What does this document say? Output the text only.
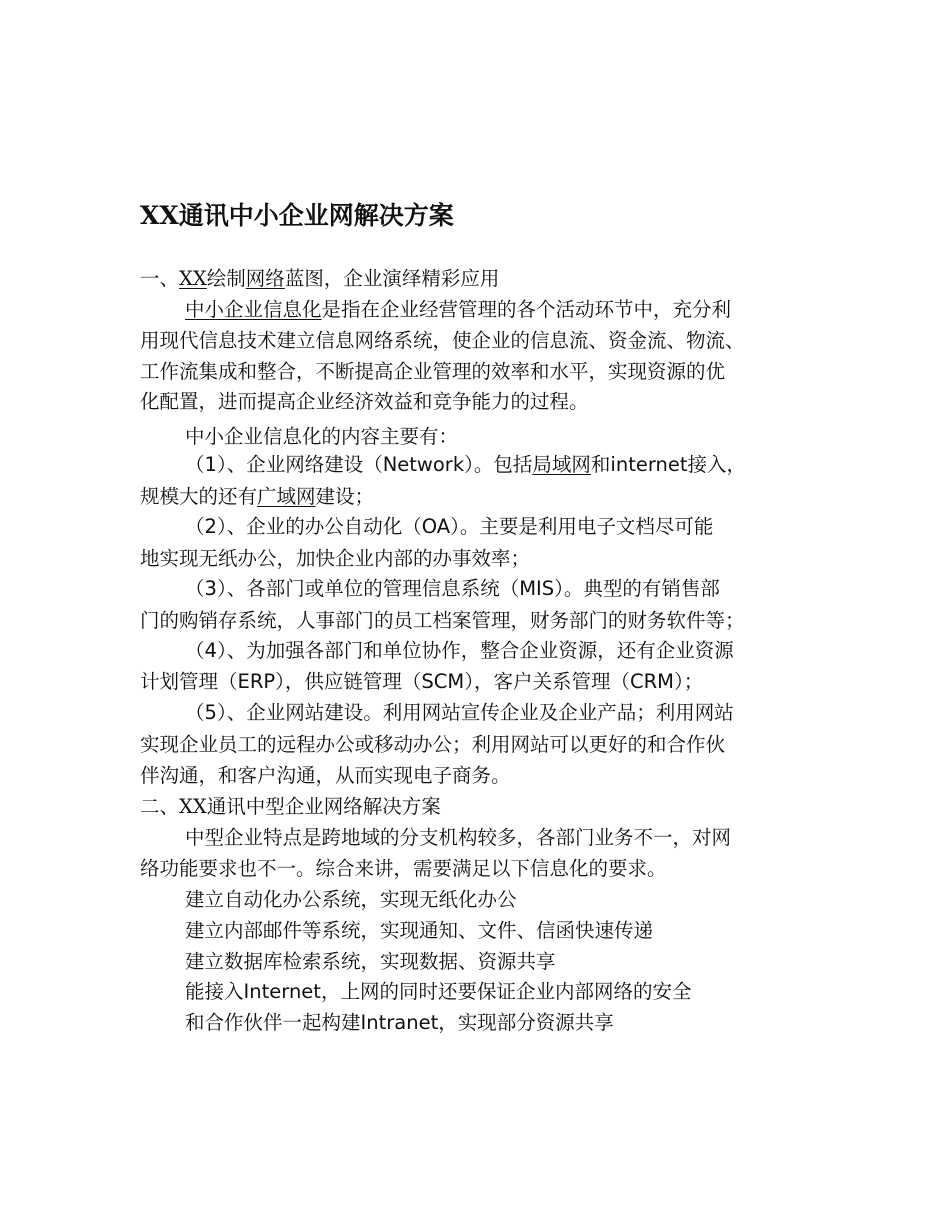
XX通讯中小企业网解决方案
一、XX绘制网络蓝图，企业演绎精彩应用
中小企业信息化是指在企业经营管理的各个活动环节中，充分利
用现代信息技术建立信息网络系统，使企业的信息流、资金流、物流、
工作流集成和整合，不断提高企业管理的效率和水平，实现资源的优
化配置，进而提高企业经济效益和竞争能力的过程。
中小企业信息化的内容主要有：
（1）、企业网络建设（Network）。包括局域网和internet接入，
规模大的还有广域网建设；
（2）、企业的办公自动化（OA）。主要是利用电子文档尽可能
地实现无纸办公，加快企业内部的办事效率；
（3）、各部门或单位的管理信息系统（MIS）。典型的有销售部
门的购销存系统，人事部门的员工档案管理，财务部门的财务软件等；
（4）、为加强各部门和单位协作，整合企业资源，还有企业资源
计划管理（ERP），供应链管理（SCM），客户关系管理（CRM）；
（5）、企业网站建设。利用网站宣传企业及企业产品；利用网站
实现企业员工的远程办公或移动办公；利用网站可以更好的和合作伙
伴沟通，和客户沟通，从而实现电子商务。
二、XX通讯中型企业网络解决方案
中型企业特点是跨地域的分支机构较多，各部门业务不一，对网
络功能要求也不一。综合来讲，需要满足以下信息化的要求。
建立自动化办公系统，实现无纸化办公
建立内部邮件等系统，实现通知、文件、信函快速传递
建立数据库检索系统，实现数据、资源共享
能接入Internet，上网的同时还要保证企业内部网络的安全
和合作伙伴一起构建Intranet，实现部分资源共享
